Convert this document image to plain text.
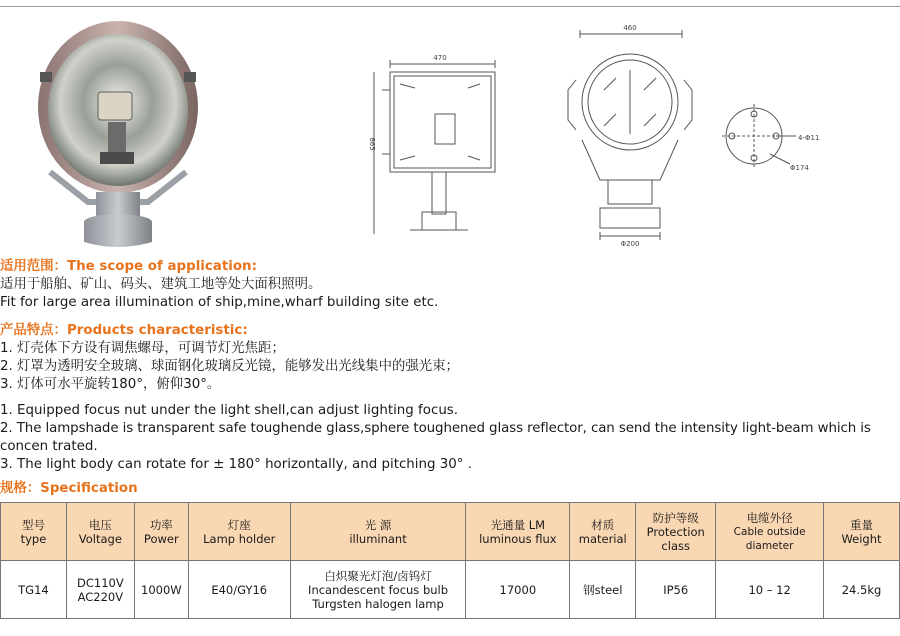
470
665
460
Φ200
4-Φ11
Φ174
适用范围：The scope of application:
适用于船舶、矿山、码头、建筑工地等处大面积照明。
Fit for large area illumination of ship,mine,wharf building site etc.
产品特点：Products characteristic:
1. 灯壳体下方设有调焦螺母，可调节灯光焦距；
2. 灯罩为透明安全玻璃、球面钢化玻璃反光镜，能够发出光线集中的强光束；
3. 灯体可水平旋转180°，俯仰30°。
1. Equipped focus nut under the light shell,can adjust lighting focus.
2. The lampshade is transparent safe toughende glass,sphere toughened glass reflector, can send the intensity light-beam which is
concen trated.
3. The light body can rotate for ± 180° horizontally, and pitching 30° .
规格：Specification
型号
type	电压
Voltage	功率
Power	灯座
Lamp holder	光 源
illuminant	光通量 LM
luminous flux	材质
material	防护等级
Protection
class	电缆外径
Cable outside
diameter	重量
Weight

TG14	DC110V
AC220V	1000W	E40/GY16	白炽聚光灯泡/卤钨灯
Incandescent focus bulb
Turgsten halogen lamp	17000	钢steel	IP56	10 – 12	24.5kg
